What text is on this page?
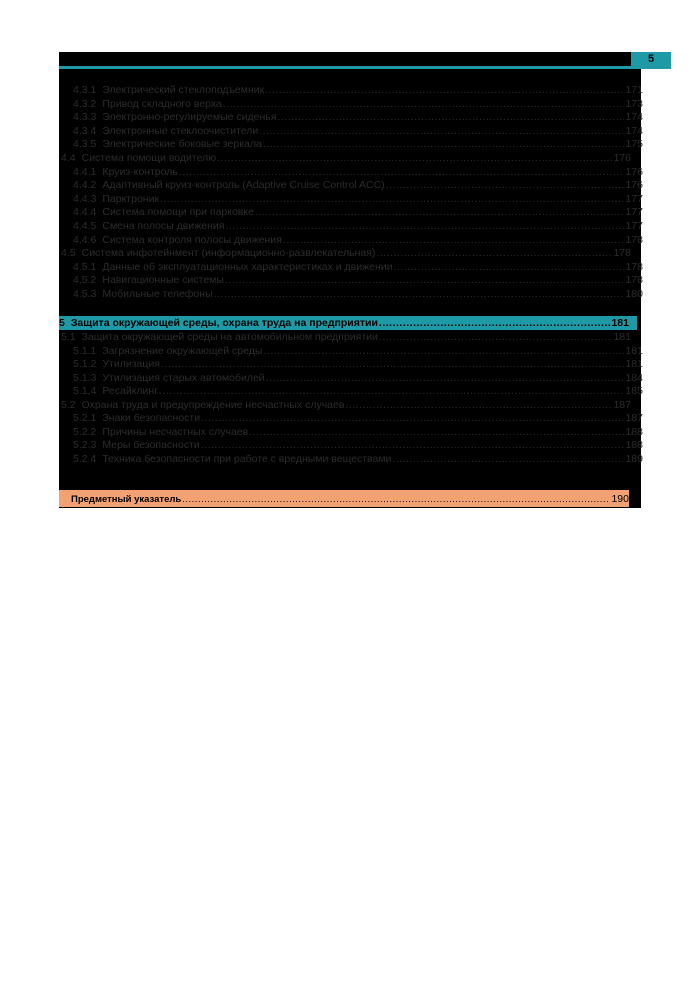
5
4.3.1 Электрический стеклоподъемник .....	171
4.3.2 Привод складного верха .....	173
4.3.3 Электронно-регулируемые сиденья .....	174
4.3.4 Электронные стеклоочистители .....	174
4.3.5 Электрические боковые зеркала .....	175
4.4 Система помощи водителю .....	176
4.4.1 Круиз-контроль .....	176
4.4.2 Адаптивный круиз-контроль (Adaptive Cruise Control ACC) .....	176
4.4.3 Парктроник .....	177
4.4.4 Система помощи при парковке .....	177
4.4.5 Смена полосы движения .....	177
4.4.6 Система контроля полосы движения .....	178
4.5 Система инфотейнмент (информационно-развлекательная) .....	178
4.5.1 Данные об эксплуатационных характеристиках и движении .....	178
4.5.2 Навигационные системы .....	178
4.5.3 Мобильные телефоны .....	180
5 Защита окружающей среды, охрана труда на предприятии .....	181
5.1 Защита окружающей среды на автомобильном предприятии .....	181
5.1.1 Загрязнение окружающей среды .....	181
5.1.2 Утилизация .....	181
5.1.3 Утилизация старых автомобилей .....	184
5.1.4 Ресайклинг .....	185
5.2 Охрана труда и предупреждение несчастных случаев .....	187
5.2.1 Знаки безопасности .....	187
5.2.2 Причины несчастных случаев .....	188
5.2.3 Меры безопасности .....	188
5.2.4 Техника безопасности при работе с вредными веществами .....	189
Предметный указатель .....	190
